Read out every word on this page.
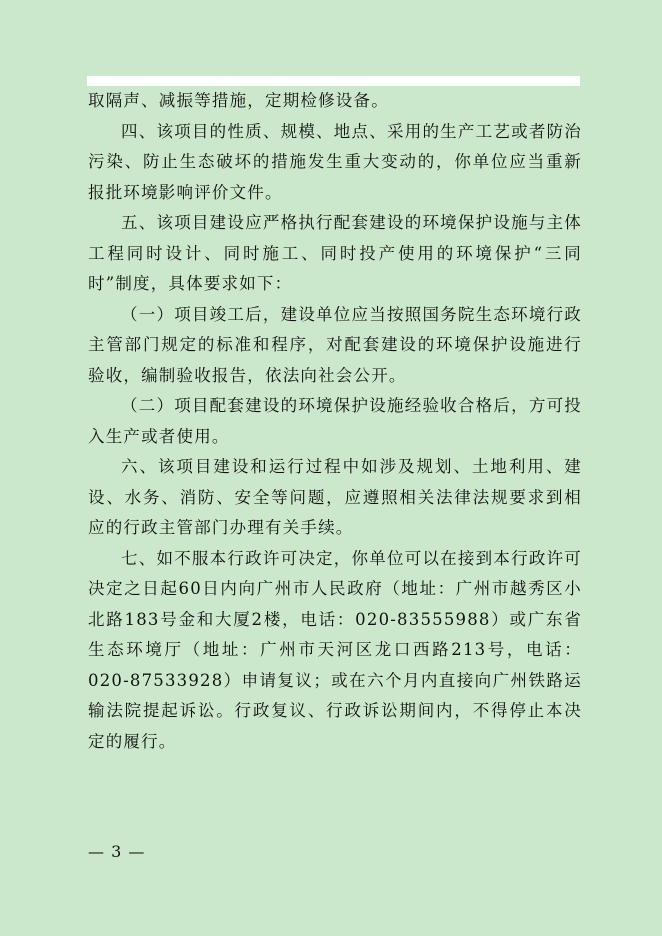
取隔声、减振等措施，定期检修设备。

四、该项目的性质、规模、地点、采用的生产工艺或者防治污染、防止生态破坏的措施发生重大变动的，你单位应当重新报批环境影响评价文件。

五、该项目建设应严格执行配套建设的环境保护设施与主体工程同时设计、同时施工、同时投产使用的环境保护“三同时”制度，具体要求如下：

（一）项目竣工后，建设单位应当按照国务院生态环境行政主管部门规定的标准和程序，对配套建设的环境保护设施进行验收，编制验收报告，依法向社会公开。

（二）项目配套建设的环境保护设施经验收合格后，方可投入生产或者使用。

六、该项目建设和运行过程中如涉及规划、土地利用、建设、水务、消防、安全等问题，应遵照相关法律法规要求到相应的行政主管部门办理有关手续。

七、如不服本行政许可决定，你单位可以在接到本行政许可决定之日起60日内向广州市人民政府（地址：广州市越秀区小北路183号金和大厦2楼，电话：020-83555988）或广东省生态环境厅（地址：广州市天河区龙口西路213号，电话：020-87533928）申请复议；或在六个月内直接向广州铁路运输法院提起诉讼。行政复议、行政诉讼期间内，不得停止本决定的履行。

— 3 —
